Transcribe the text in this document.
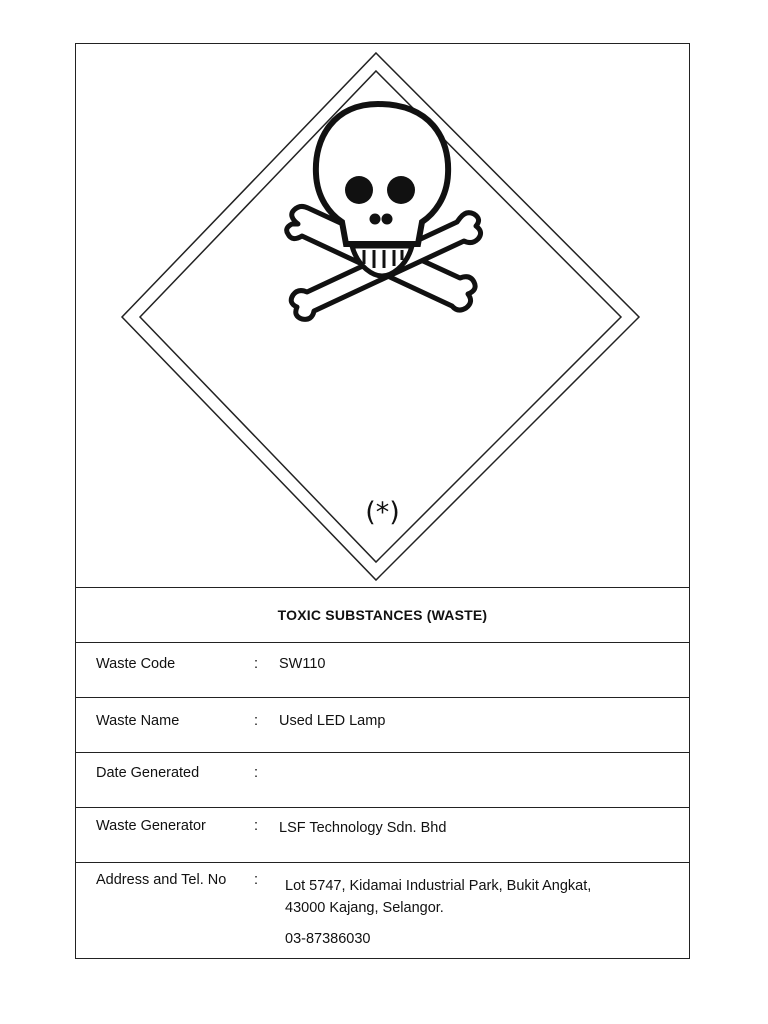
(*)
TOXIC SUBSTANCES (WASTE)
Waste Code	: SW110
Waste Name	: Used LED Lamp
Date Generated	:
Waste Generator	: LSF Technology Sdn. Bhd
Address and Tel. No : Lot 5747, Kidamai Industrial Park, Bukit Angkat,
43000 Kajang, Selangor.
03-87386030
